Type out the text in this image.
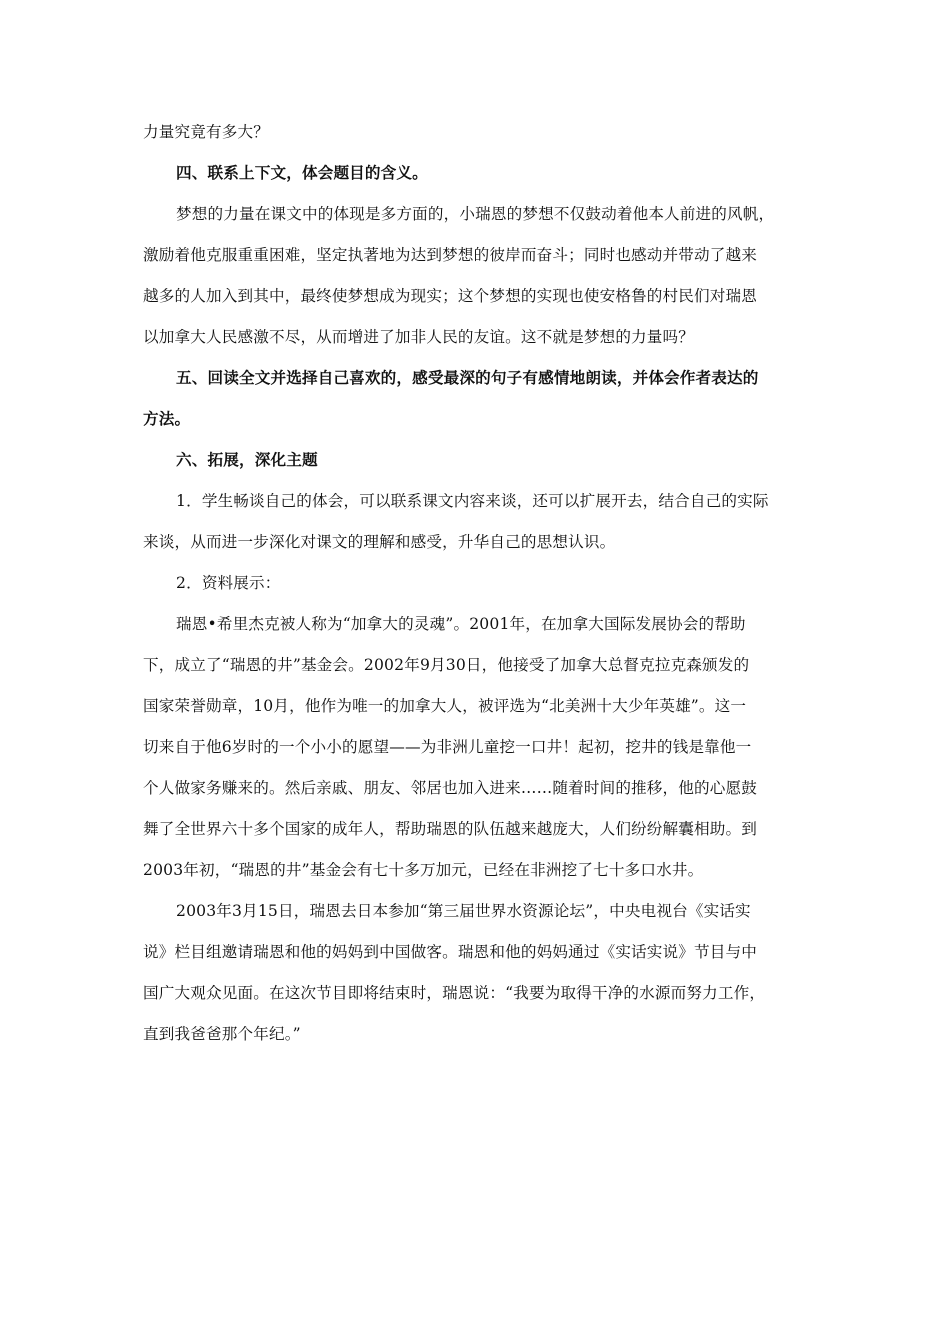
力量究竟有多大？
四、联系上下文，体会题目的含义。
梦想的力量在课文中的体现是多方面的，小瑞恩的梦想不仅鼓动着他本人前进的风帆，
激励着他克服重重困难，坚定执著地为达到梦想的彼岸而奋斗；同时也感动并带动了越来
越多的人加入到其中，最终使梦想成为现实；这个梦想的实现也使安格鲁的村民们对瑞恩
以加拿大人民感激不尽，从而增进了加非人民的友谊。这不就是梦想的力量吗？
五、回读全文并选择自己喜欢的，感受最深的句子有感情地朗读，并体会作者表达的
方法。
六、拓展，深化主题
1．学生畅谈自己的体会，可以联系课文内容来谈，还可以扩展开去，结合自己的实际
来谈，从而进一步深化对课文的理解和感受，升华自己的思想认识。
2．资料展示：
瑞恩•希里杰克被人称为“加拿大的灵魂”。2001年，在加拿大国际发展协会的帮助
下，成立了“瑞恩的井”基金会。2002年9月30日，他接受了加拿大总督克拉克森颁发的
国家荣誉勋章，10月，他作为唯一的加拿大人，被评选为“北美洲十大少年英雄”。这一
切来自于他6岁时的一个小小的愿望——为非洲儿童挖一口井！起初，挖井的钱是靠他一
个人做家务赚来的。然后亲戚、朋友、邻居也加入进来……随着时间的推移，他的心愿鼓
舞了全世界六十多个国家的成年人，帮助瑞恩的队伍越来越庞大，人们纷纷解囊相助。到
2003年初，“瑞恩的井”基金会有七十多万加元，已经在非洲挖了七十多口水井。
2003年3月15日，瑞恩去日本参加“第三届世界水资源论坛”，中央电视台《实话实
说》栏目组邀请瑞恩和他的妈妈到中国做客。瑞恩和他的妈妈通过《实话实说》节目与中
国广大观众见面。在这次节目即将结束时，瑞恩说：“我要为取得干净的水源而努力工作，
直到我爸爸那个年纪。”
